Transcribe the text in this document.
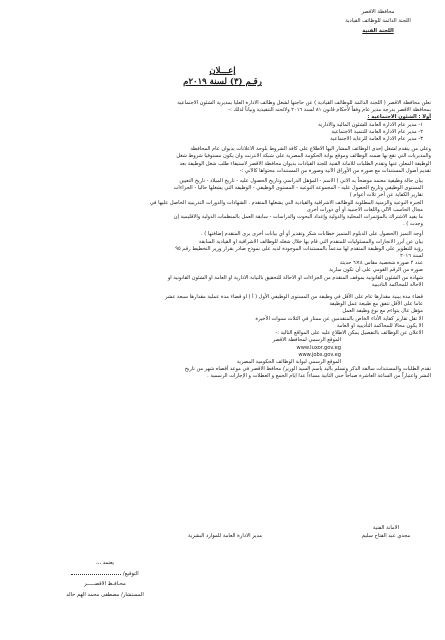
محافظة الاقصر
اللجنة الدائمة للوظائف القيادية
اللجنة الفنية
إعـــلان
رقـم (٣) لسنة ٢٠١٩م

تعلن محافظة الاقصر ( اللجنة الدائمة للوظائف القيادية ) عن حاجتها لشغل وظائف الادارة العليا بمديرية الشئون الاجتماعية

بمحافظة الاقصر بدرجة مدير عام وفقاً لأحكام قانون ٨١ لسنة ٢٠١٦ ولائحته التنفيذية وبياناً لذلك :-

أولا : الشئون الاجتماعية :

١- مدير عام الادارة العامة للشئون المالية والادارية

٢- مدير عام الادارة العامة للتنمية الاجتماعية

٣- مدير عام الادارة العامة للرعاية الاجتماعية

وعلى من يتقدم لشغل إحدى الوظائف المشار اليها الاطلاع على كافة الشروط بلوحة الاعلانات بديوان عام المحافظة

والمديريات التي تقع بها ضمنه الوظائف وموقع بوابة الحكومة المصرية على شبكة الانترنت وان يكون مستوفيا شروط شغل

الوظيفة المعلن عنها وتقدم الطلبات للامانة الفنية للجنة القيادات بديوان محافظة الاقصر لاستيفاء طلب شغل الوظيفة بعد

تقديم أصول المستندات مع صورة من الأوراق الآتية وصورة من المستندات محتواها كالآتي :-

بيان حالة وظيفية معتمد موضحاً به الاتي ( الاسم - المؤهل الدراسي وتاريخ الحصول عليه - تاريخ الميلاد - تاريخ التعيين

المستوى الوظيفي وتاريخ الحصول عليه - المجموعة النوعية - المستوى الوظيفي - الوظيفة التي يشغلها حاليا - الجزاءات

تقارير الكفاية عن آخر ثلاث أعوام )

الخبرة النوعية والزمنية المطلوبة للوظائف الاشرافية والقيادية التي يشغلها المتقدم . الشهادات والدورات التدريبية الحاصل عليها في

مجال الحاسب الآلي واللغات الاجنبية أو أي دورات أخرى

ما يفيد الاشتراك بالمؤتمرات المحلية والدولية وإعداد البحوث والدراسات - سابقة العمل بالمنظمات الدولية والاقليمية إن

وجدت ) .

أوجه التميز (الحصول على الدبلوم المتميز خطابات شكر وتقدير أو أي بيانات أخرى يرى المتقدم إضافتها ) .

بيان عن أبرز الانجازات والمسئوليات للمتقدم التي قام بها خلال شغله للوظائف الاشرافية او القيادية السابقة

رؤية للتطوير على الوظيفة المتقدم لها مدعماً بالمستندات الموجودة لديه على نموذج صادر بقرار وزير التخطيط رقم ٩٥

لسنة ٢٠١٦

عدد ٢ صورة شخصية مقاس ٤×٦ حديثة

صورة من الرقم القومي على أن تكون سارية

شهادة من الشئون القانونية بموقف المتقدم من الجزاءات او الاحالة للتحقيق بالنيابة الادارية او العامة او الشئون القانونية او

الاحالة للمحاكمة التاديبية

قضاء مدة بينية مقدارها عام على الأقل في وظيفة من المستوى الوظيفي الأول ( أ ) او قضاء مدة عملية مقدارها سبعة عشر

عاما على الأقل تتفق مع طبيعة عمل الوظيفة

مؤهل عال يتواءم مع نوع وظيفة العمل

الا تقل تقارير كفاية الأداء الخاص بالمتقدمين عن ممتاز في الثلاث سنوات الأخيرة

الا يكون محالا للمحاكمة التأديبية او العامة

الاعلان عن الوظائف بالتفصيل يمكن الاطلاع عليه على المواقع التالية :-

الموقع الرسمي لمحافظة الاقصر

www.luxor.gov.eg

www.jobs.gov.eg

الموقع الرسمي لبوابة الوظائف الحكومية المصرية

تقدم الطلبات والمستندات سالفة الذكر وتسلم باليد باسم السيد الوزير/ محافظ الاقصر في موعد أقصاه شهر من تاريخ

النشر واعتباراً من الساعة العاشرة صباحاً حتى الثانية مساءاً عدا ايام الجمع و العطلات و الإجازات الرسمية .

الامانة الفنية
مجدي عبد الفتاح سليم
مدير الادارة العامة للموارد البشرية
يعتمد ،،،
التوقيع/
محـافـظ الاقصـــــر
المستشار/ مصطفى محمد الهم خالد
